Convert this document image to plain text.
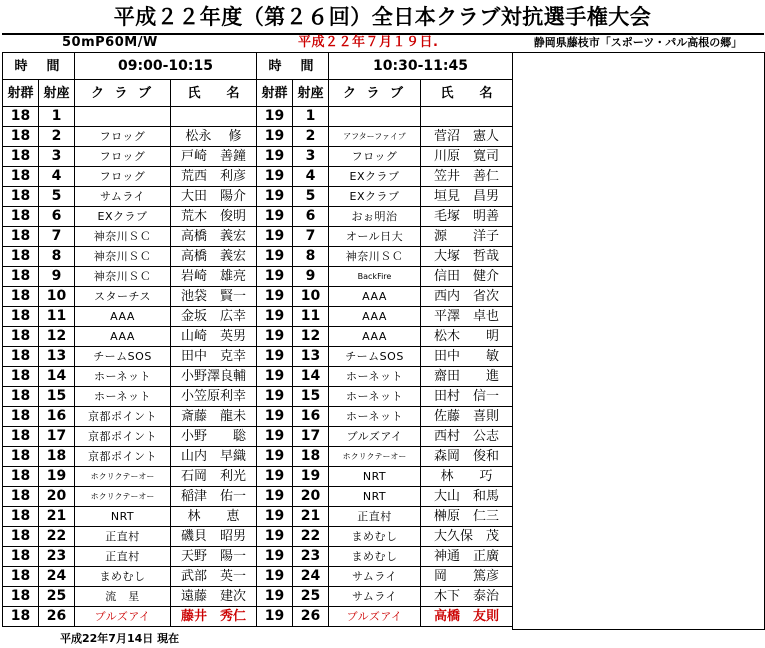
平成２２年度（第２６回）全日本クラブ対抗選手権大会
50mP60M/W	平成２２年７月１９日.	静岡県藤枝市「スポーツ・パル高根の郷」
時　間		09:00-10:15		時　間		10:30-11:45	
射群	射座	ク ラ ブ	氏　　名	射群	射座	ク ラ ブ	氏　　名
18	1			19	1		
18	2	フロッグ	松永　 修	19	2	アフターファイブ	菅沼　憲人
18	3	フロッグ	戸崎　善鐘	19	3	フロッグ	川原　寛司
18	4	フロッグ	荒西　利彦	19	4	EXクラブ	笠井　善仁
18	5	サムライ	大田　陽介	19	5	EXクラブ	垣見　昌男
18	6	EXクラブ	荒木　俊明	19	6	おぉ明治	毛塚　明善
18	7	神奈川ＳＣ	高橋　義宏	19	7	オール日大	源　　洋子
18	8	神奈川ＳＣ	高橋　義宏	19	8	神奈川ＳＣ	大塚　哲哉
18	9	神奈川ＳＣ	岩崎　雄亮	19	9	BackFire	信田　健介
18	10	スターチス	池袋　賢一	19	10	AAA	西内　省次
18	11	AAA	金坂　広幸	19	11	AAA	平澤　卓也
18	12	AAA	山崎　英男	19	12	AAA	松木　　明
18	13	チームSOS	田中　克幸	19	13	チームSOS	田中　　敏
18	14	ホーネット	小野澤良輔	19	14	ホーネット	齋田　　進
18	15	ホーネット	小笠原利幸	19	15	ホーネット	田村　信一
18	16	京都ポイント	斎藤　龍未	19	16	ホーネット	佐藤　喜則
18	17	京都ポイント	小野　　聡	19	17	ブルズアイ	西村　公志
18	18	京都ポイント	山内　早織	19	18	ホクリクテーオー	森岡　俊和
18	19	ホクリクテーオー	石岡　利光	19	19	NRT	林　　巧
18	20	ホクリクテーオー	稲津　佑一	19	20	NRT	大山　和馬
18	21	NRT	林　　恵	19	21	正直村	榊原　仁三
18	22	正直村	磯貝　昭男	19	22	まめむし	大久保　茂
18	23	正直村	天野　陽一	19	23	まめむし	神通　正廣
18	24	まめむし	武部　英一	19	24	サムライ	岡　　篤彦
18	25	流　星	遠藤　建次	19	25	サムライ	木下　泰治
18	26	ブルズアイ	藤井　秀仁	19	26	ブルズアイ	高橋　友則
平成22年7月14日 現在
